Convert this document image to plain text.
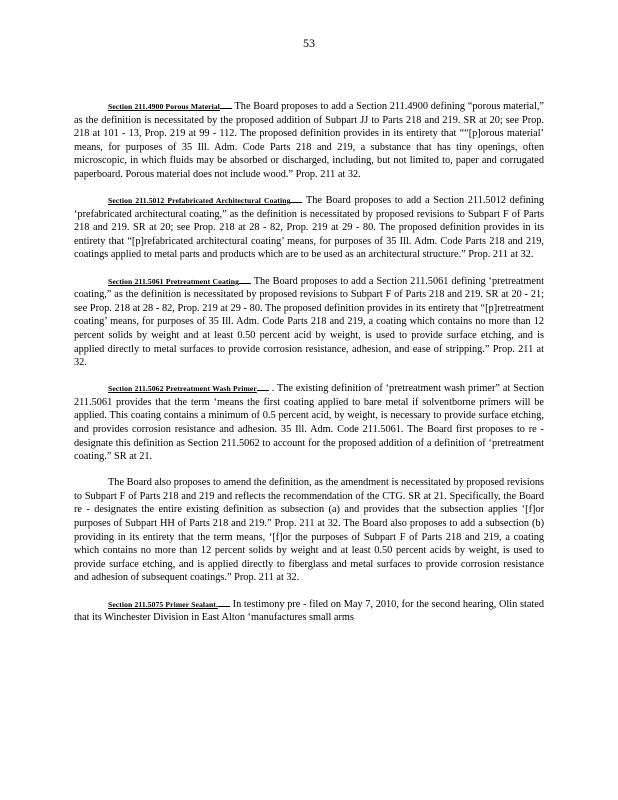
53

Section 211.4900 Porous Material The Board proposes to add a Section 211.4900 defining “porous material,” as the definition is necessitated by the proposed addition of Subpart JJ to Parts 218 and 219. SR at 20; see Prop. 218 at 101 - 13, Prop. 219 at 99 - 112. The proposed definition provides in its entirety that ““[p]orous material’ means, for purposes of 35 Ill. Adm. Code Parts 218 and 219, a substance that has tiny openings, often microscopic, in which fluids may be absorbed or discharged, including, but not limited to, paper and corrugated paperboard. Porous material does not include wood.” Prop. 211 at 32.

Section 211.5012 Prefabricated Architectural Coating The Board proposes to add a Section 211.5012 defining ‘prefabricated architectural coating,” as the definition is necessitated by proposed revisions to Subpart F of Parts 218 and 219. SR at 20; see Prop. 218 at 28 - 82, Prop. 219 at 29 - 80. The proposed definition provides in its entirety that “[p]refabricated architectural coating’ means, for purposes of 35 Ill. Adm. Code Parts 218 and 219, coatings applied to metal parts and products which are to be used as an architectural structure.” Prop. 211 at 32.

Section 211.5061 Pretreatment Coating The Board proposes to add a Section 211.5061 defining ‘pretreatment coating,” as the definition is necessitated by proposed revisions to Subpart F of Parts 218 and 219. SR at 20 - 21; see Prop. 218 at 28 - 82, Prop. 219 at 29 - 80. The proposed definition provides in its entirety that “[p]retreatment coating’ means, for purposes of 35 Ill. Adm. Code Parts 218 and 219, a coating which contains no more than 12 percent solids by weight and at least 0.50 percent acid by weight, is used to provide surface etching, and is applied directly to metal surfaces to provide corrosion resistance, adhesion, and ease of stripping.” Prop. 211 at 32.

Section 211.5062 Pretreatment Wash Primer . The existing definition of ‘pretreatment wash primer” at Section 211.5061 provides that the term ‘means the first coating applied to bare metal if solventborne primers will be applied. This coating contains a minimum of 0.5 percent acid, by weight, is necessary to provide surface etching, and provides corrosion resistance and adhesion. 35 Ill. Adm. Code 211.5061. The Board first proposes to re - designate this definition as Section 211.5062 to account for the proposed addition of a definition of ‘pretreatment coating.” SR at 21.

The Board also proposes to amend the definition, as the amendment is necessitated by proposed revisions to Subpart F of Parts 218 and 219 and reflects the recommendation of the CTG. SR at 21. Specifically, the Board re - designates the entire existing definition as subsection (a) and provides that the subsection applies ‘[f]or purposes of Subpart HH of Parts 218 and 219.” Prop. 211 at 32. The Board also proposes to add a subsection (b) providing in its entirety that the term means, ‘[f]or the purposes of Subpart F of Parts 218 and 219, a coating which contains no more than 12 percent solids by weight and at least 0.50 percent acids by weight, is used to provide surface etching, and is applied directly to fiberglass and metal surfaces to provide corrosion resistance and adhesion of subsequent coatings.” Prop. 211 at 32.

Section 211.5075 Primer Sealant. In testimony pre - filed on May 7, 2010, for the second hearing, Olin stated that its Winchester Division in East Alton ‘manufactures small arms
